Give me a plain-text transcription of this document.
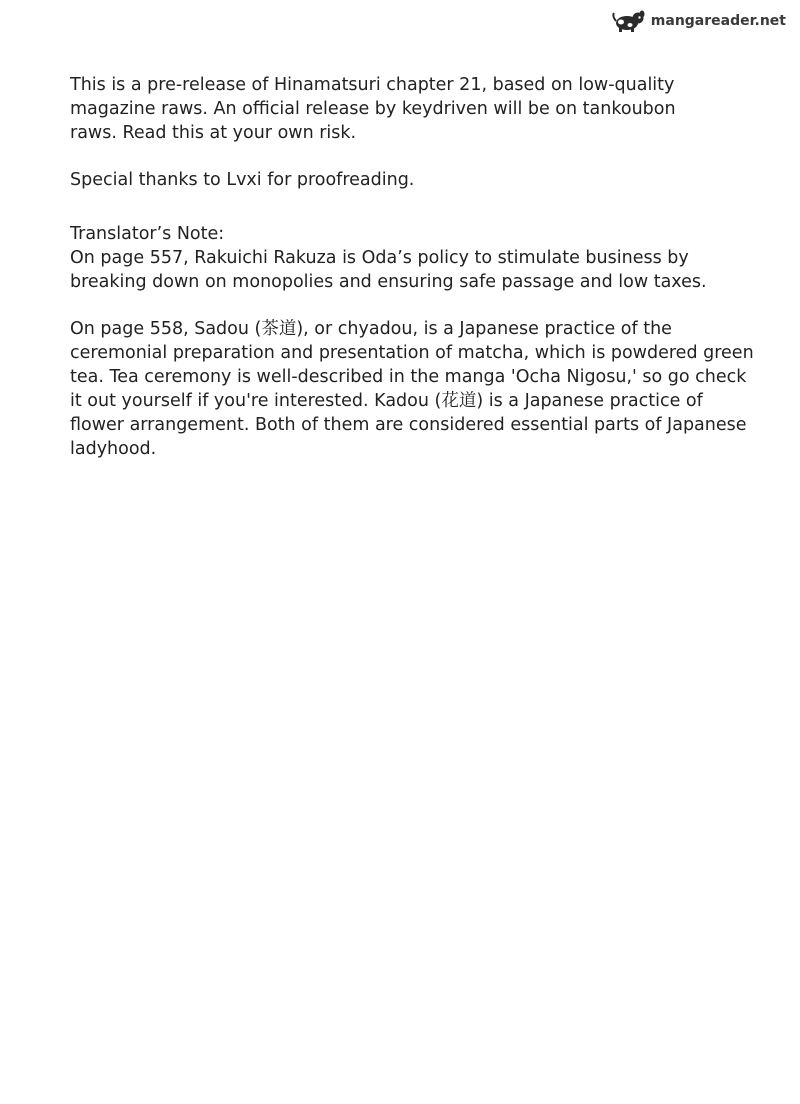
mangareader.net

This is a pre-release of Hinamatsuri chapter 21, based on low-quality
magazine raws. An official release by keydriven will be on tankoubon
raws. Read this at your own risk.

Special thanks to Lvxi for proofreading.

Translator’s Note:
On page 557, Rakuichi Rakuza is Oda’s policy to stimulate business by
breaking down on monopolies and ensuring safe passage and low taxes.

On page 558, Sadou (茶道), or chyadou, is a Japanese practice of the
ceremonial preparation and presentation of matcha, which is powdered green
tea. Tea ceremony is well-described in the manga 'Ocha Nigosu,' so go check
it out yourself if you're interested. Kadou (花道) is a Japanese practice of
flower arrangement. Both of them are considered essential parts of Japanese
ladyhood.
